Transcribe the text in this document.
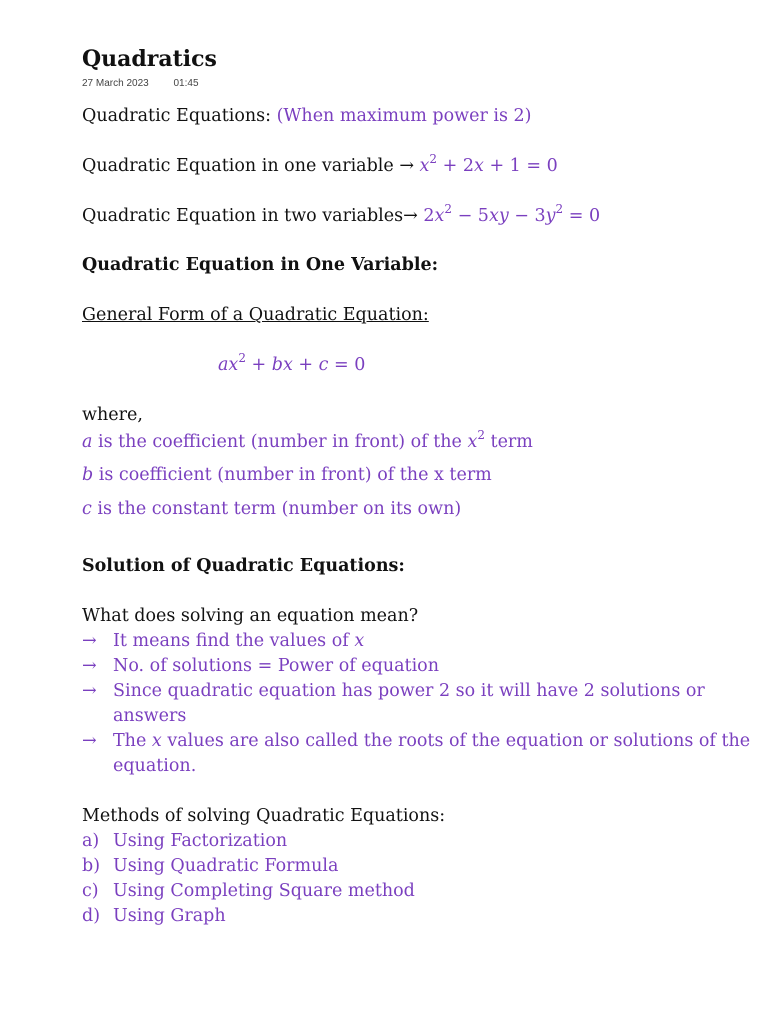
Quadratics
27 March 2023 01:45
Quadratic Equations: (When maximum power is 2)
Quadratic Equation in one variable → $x^2 + 2x + 1 = 0$
Quadratic Equation in two variables→ $2x^2 - 5xy - 3y^2 = 0$
Quadratic Equation in One Variable:
General Form of a Quadratic Equation:
$ax^2$ + bx + c = 0
where,
a is the coefficient (number in front) of the $x^2$ term
b is coefficient (number in front) of the x term
c is the constant term (number on its own)
Solution of Quadratic Equations:
What does solving an equation mean?
→ It means find the values of x
→ No. of solutions = Power of equation
→ Since quadratic equation has power 2 so it will have 2 solutions or
answers
→ The x values are also called the roots of the equation or solutions of the
equation.
Methods of solving Quadratic Equations:
a) Using Factorization
b) Using Quadratic Formula
c) Using Completing Square method
d) Using Graph
